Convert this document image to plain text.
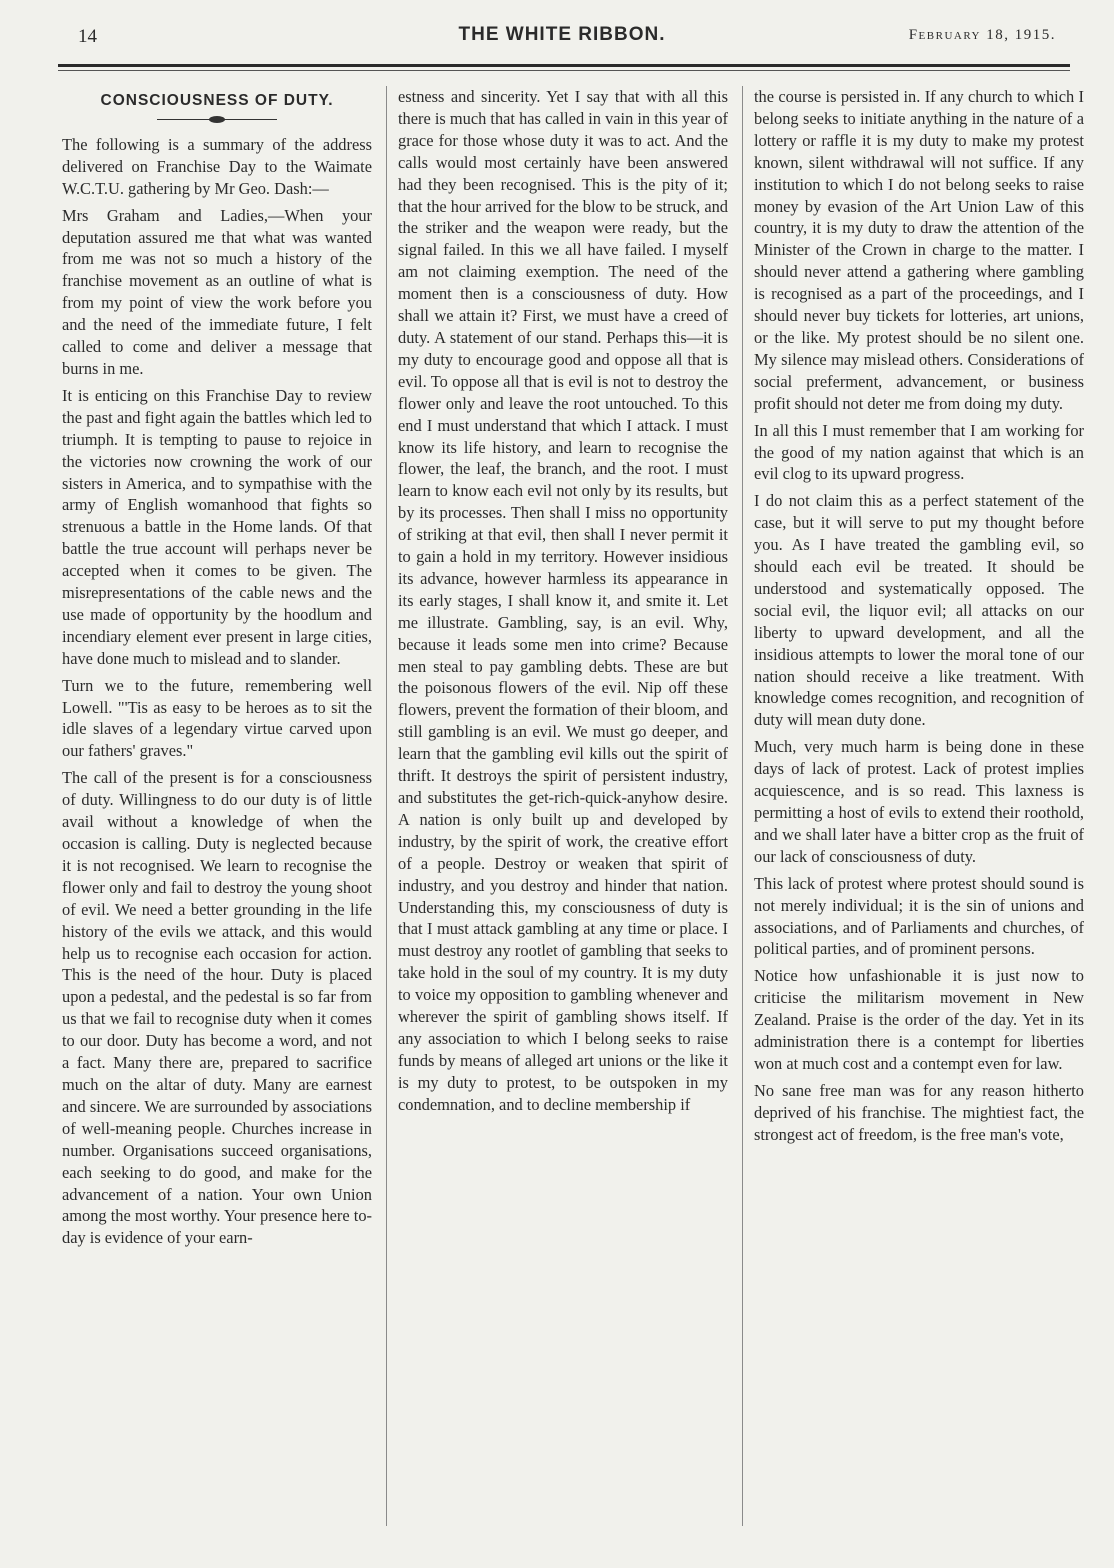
14	THE WHITE RIBBON.	February 18, 1915.
CONSCIOUSNESS OF DUTY.

The following is a summary of the address delivered on Franchise Day to the Waimate W.C.T.U. gathering by Mr Geo. Dash:—

Mrs Graham and Ladies,—When your deputation assured me that what was wanted from me was not so much a history of the franchise movement as an outline of what is from my point of view the work before you and the need of the immediate future, I felt called to come and deliver a message that burns in me.

It is enticing on this Franchise Day to review the past and fight again the battles which led to triumph. It is tempting to pause to rejoice in the victories now crowning the work of our sisters in America, and to sympathise with the army of English womanhood that fights so strenuous a battle in the Home lands. Of that battle the true account will perhaps never be accepted when it comes to be given. The misrepresentations of the cable news and the use made of opportunity by the hoodlum and incendiary element ever present in large cities, have done much to mislead and to slander.

Turn we to the future, remembering well Lowell. "'Tis as easy to be heroes as to sit the idle slaves of a legendary virtue carved upon our fathers' graves."

The call of the present is for a consciousness of duty. Willingness to do our duty is of little avail without a knowledge of when the occasion is calling. Duty is neglected because it is not recognised. We learn to recognise the flower only and fail to destroy the young shoot of evil. We need a better grounding in the life history of the evils we attack, and this would help us to recognise each occasion for action. This is the need of the hour. Duty is placed upon a pedestal, and the pedestal is so far from us that we fail to recognise duty when it comes to our door. Duty has become a word, and not a fact. Many there are, prepared to sacrifice much on the altar of duty. Many are earnest and sincere. We are surrounded by associations of well-meaning people. Churches increase in number. Organisations succeed organisations, each seeking to do good, and make for the advancement of a nation. Your own Union among the most worthy. Your presence here to-day is evidence of your earn-

estness and sincerity. Yet I say that with all this there is much that has called in vain in this year of grace for those whose duty it was to act. And the calls would most certainly have been answered had they been recognised. This is the pity of it; that the hour arrived for the blow to be struck, and the striker and the weapon were ready, but the signal failed. In this we all have failed. I myself am not claiming exemption. The need of the moment then is a consciousness of duty. How shall we attain it? First, we must have a creed of duty. A statement of our stand. Perhaps this—it is my duty to encourage good and oppose all that is evil. To oppose all that is evil is not to destroy the flower only and leave the root untouched. To this end I must understand that which I attack. I must know its life history, and learn to recognise the flower, the leaf, the branch, and the root. I must learn to know each evil not only by its results, but by its processes. Then shall I miss no opportunity of striking at that evil, then shall I never permit it to gain a hold in my territory. However insidious its advance, however harmless its appearance in its early stages, I shall know it, and smite it. Let me illustrate. Gambling, say, is an evil. Why, because it leads some men into crime? Because men steal to pay gambling debts. These are but the poisonous flowers of the evil. Nip off these flowers, prevent the formation of their bloom, and still gambling is an evil. We must go deeper, and learn that the gambling evil kills out the spirit of thrift. It destroys the spirit of persistent industry, and substitutes the get-rich-quick-anyhow desire. A nation is only built up and developed by industry, by the spirit of work, the creative effort of a people. Destroy or weaken that spirit of industry, and you destroy and hinder that nation. Understanding this, my consciousness of duty is that I must attack gambling at any time or place. I must destroy any rootlet of gambling that seeks to take hold in the soul of my country. It is my duty to voice my opposition to gambling whenever and wherever the spirit of gambling shows itself. If any association to which I belong seeks to raise funds by means of alleged art unions or the like it is my duty to protest, to be outspoken in my condemnation, and to decline membership if

the course is persisted in. If any church to which I belong seeks to initiate anything in the nature of a lottery or raffle it is my duty to make my protest known, silent withdrawal will not suffice. If any institution to which I do not belong seeks to raise money by evasion of the Art Union Law of this country, it is my duty to draw the attention of the Minister of the Crown in charge to the matter. I should never attend a gathering where gambling is recognised as a part of the proceedings, and I should never buy tickets for lotteries, art unions, or the like. My protest should be no silent one. My silence may mislead others. Considerations of social preferment, advancement, or business profit should not deter me from doing my duty.

In all this I must remember that I am working for the good of my nation against that which is an evil clog to its upward progress.

I do not claim this as a perfect statement of the case, but it will serve to put my thought before you. As I have treated the gambling evil, so should each evil be treated. It should be understood and systematically opposed. The social evil, the liquor evil; all attacks on our liberty to upward development, and all the insidious attempts to lower the moral tone of our nation should receive a like treatment. With knowledge comes recognition, and recognition of duty will mean duty done.

Much, very much harm is being done in these days of lack of protest. Lack of protest implies acquiescence, and is so read. This laxness is permitting a host of evils to extend their roothold, and we shall later have a bitter crop as the fruit of our lack of consciousness of duty.

This lack of protest where protest should sound is not merely individual; it is the sin of unions and associations, and of Parliaments and churches, of political parties, and of prominent persons.

Notice how unfashionable it is just now to criticise the militarism movement in New Zealand. Praise is the order of the day. Yet in its administration there is a contempt for liberties won at much cost and a contempt even for law.

No sane free man was for any reason hitherto deprived of his franchise. The mightiest fact, the strongest act of freedom, is the free man's vote,
